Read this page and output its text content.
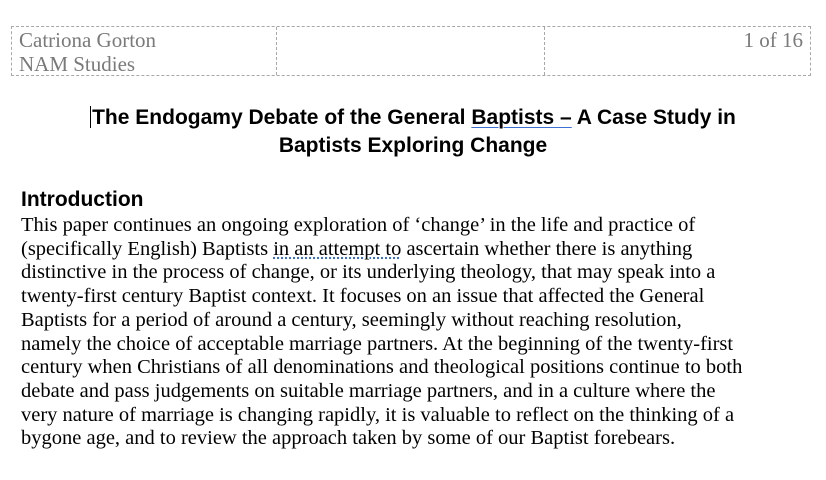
Catriona Gorton
NAM Studies
1 of 16
The Endogamy Debate of the General Baptists – A Case Study in
Baptists Exploring Change
Introduction
This paper continues an ongoing exploration of ‘change’ in the life and practice of
(specifically English) Baptists in an attempt to ascertain whether there is anything
distinctive in the process of change, or its underlying theology, that may speak into a
twenty-first century Baptist context. It focuses on an issue that affected the General
Baptists for a period of around a century, seemingly without reaching resolution,
namely the choice of acceptable marriage partners. At the beginning of the twenty-first
century when Christians of all denominations and theological positions continue to both
debate and pass judgements on suitable marriage partners, and in a culture where the
very nature of marriage is changing rapidly, it is valuable to reflect on the thinking of a
bygone age, and to review the approach taken by some of our Baptist forebears.
